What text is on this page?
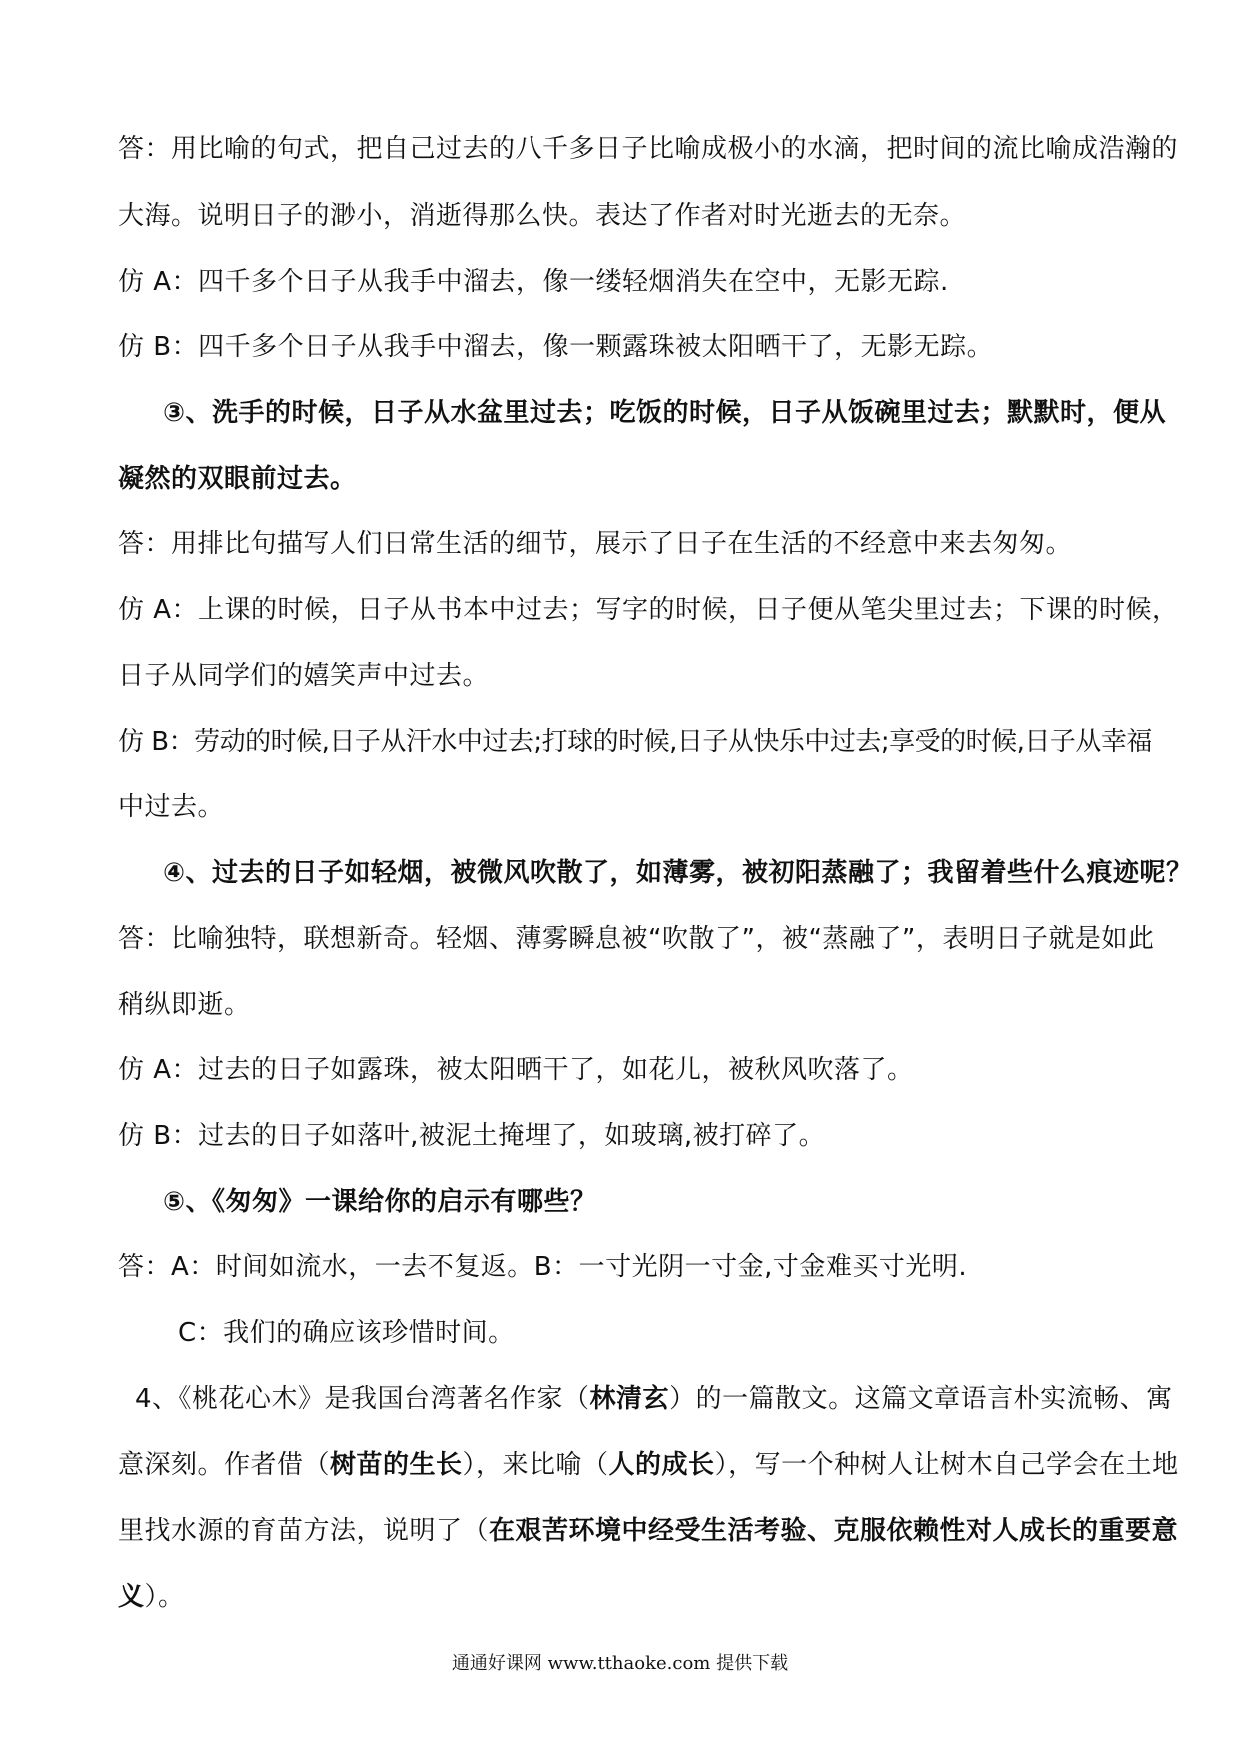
答：用比喻的句式，把自己过去的八千多日子比喻成极小的水滴，把时间的流比喻成浩瀚的
大海。说明日子的渺小，消逝得那么快。表达了作者对时光逝去的无奈。
仿 A：四千多个日子从我手中溜去，像一缕轻烟消失在空中，无影无踪.
仿 B：四千多个日子从我手中溜去，像一颗露珠被太阳晒干了，无影无踪。
③、洗手的时候，日子从水盆里过去；吃饭的时候，日子从饭碗里过去；默默时，便从
凝然的双眼前过去。
答：用排比句描写人们日常生活的细节，展示了日子在生活的不经意中来去匆匆。
仿 A：上课的时候，日子从书本中过去；写字的时候，日子便从笔尖里过去；下课的时候，
日子从同学们的嬉笑声中过去。
仿 B：劳动的时候,日子从汗水中过去;打球的时候,日子从快乐中过去;享受的时候,日子从幸福
中过去。
④、过去的日子如轻烟，被微风吹散了，如薄雾，被初阳蒸融了；我留着些什么痕迹呢？
答：比喻独特，联想新奇。轻烟、薄雾瞬息被“吹散了”，被“蒸融了”，表明日子就是如此
稍纵即逝。
仿 A：过去的日子如露珠，被太阳晒干了，如花儿，被秋风吹落了。
仿 B：过去的日子如落叶,被泥土掩埋了，如玻璃,被打碎了。
⑤、《匆匆》一课给你的启示有哪些？
答：A：时间如流水，一去不复返。B：一寸光阴一寸金,寸金难买寸光明.
C：我们的确应该珍惜时间。
4、《桃花心木》是我国台湾著名作家（林清玄）的一篇散文。这篇文章语言朴实流畅、寓
意深刻。作者借（树苗的生长），来比喻（人的成长），写一个种树人让树木自己学会在土地
里找水源的育苗方法，说明了（在艰苦环境中经受生活考验、克服依赖性对人成长的重要意
义）。
通通好课网 www.tthaoke.com 提供下载
